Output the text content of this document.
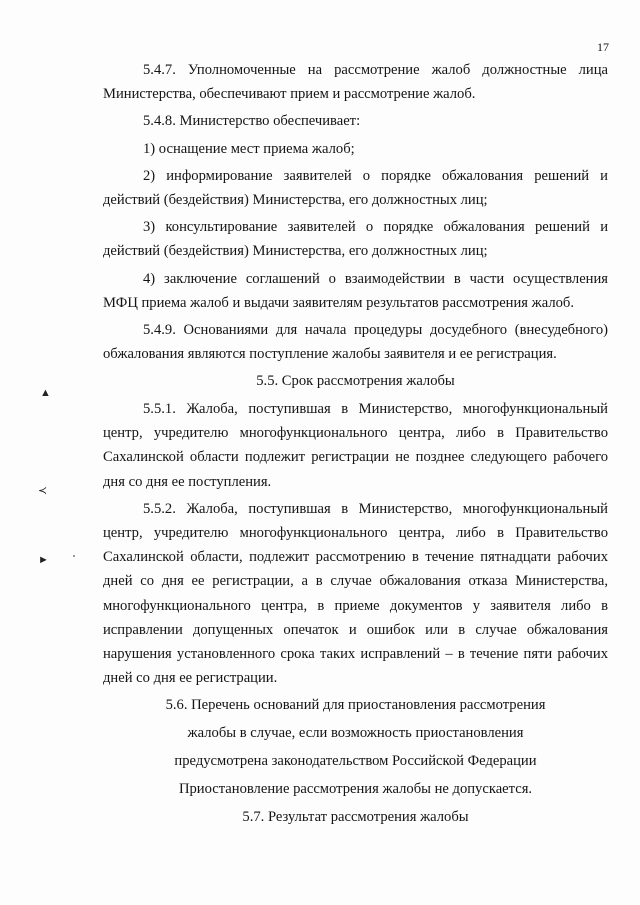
17
▲
≺
►

5.4.7. Уполномоченные на рассмотрение жалоб должностные лица Министерства, обеспечивают прием и рассмотрение жалоб.

5.4.8. Министерство обеспечивает:

1) оснащение мест приема жалоб;

2) информирование заявителей о порядке обжалования решений и действий (бездействия) Министерства, его должностных лиц;

3) консультирование заявителей о порядке обжалования решений и действий (бездействия) Министерства, его должностных лиц;

4) заключение соглашений о взаимодействии в части осуществления МФЦ приема жалоб и выдачи заявителям результатов рассмотрения жалоб.

5.4.9. Основаниями для начала процедуры досудебного (внесудебного) обжалования являются поступление жалобы заявителя и ее регистрация.

5.5. Срок рассмотрения жалобы

5.5.1. Жалоба, поступившая в Министерство, многофункциональный центр, учредителю многофункционального центра, либо в Правительство Сахалинской области подлежит регистрации не позднее следующего рабочего дня со дня ее поступления.

5.5.2. Жалоба, поступившая в Министерство, многофункциональный центр, учредителю многофункционального центра, либо в Правительство Сахалинской области, подлежит рассмотрению в течение пятнадцати рабочих дней со дня ее регистрации, а в случае обжалования отказа Министерства, многофункционального центра, в приеме документов у заявителя либо в исправлении допущенных опечаток и ошибок или в случае обжалования нарушения установленного срока таких исправлений – в течение пяти рабочих дней со дня ее регистрации.

5.6. Перечень оснований для приостановления рассмотрения
жалобы в случае, если возможность приостановления
предусмотрена законодательством Российской Федерации
Приостановление рассмотрения жалобы не допускается.
5.7. Результат рассмотрения жалобы
